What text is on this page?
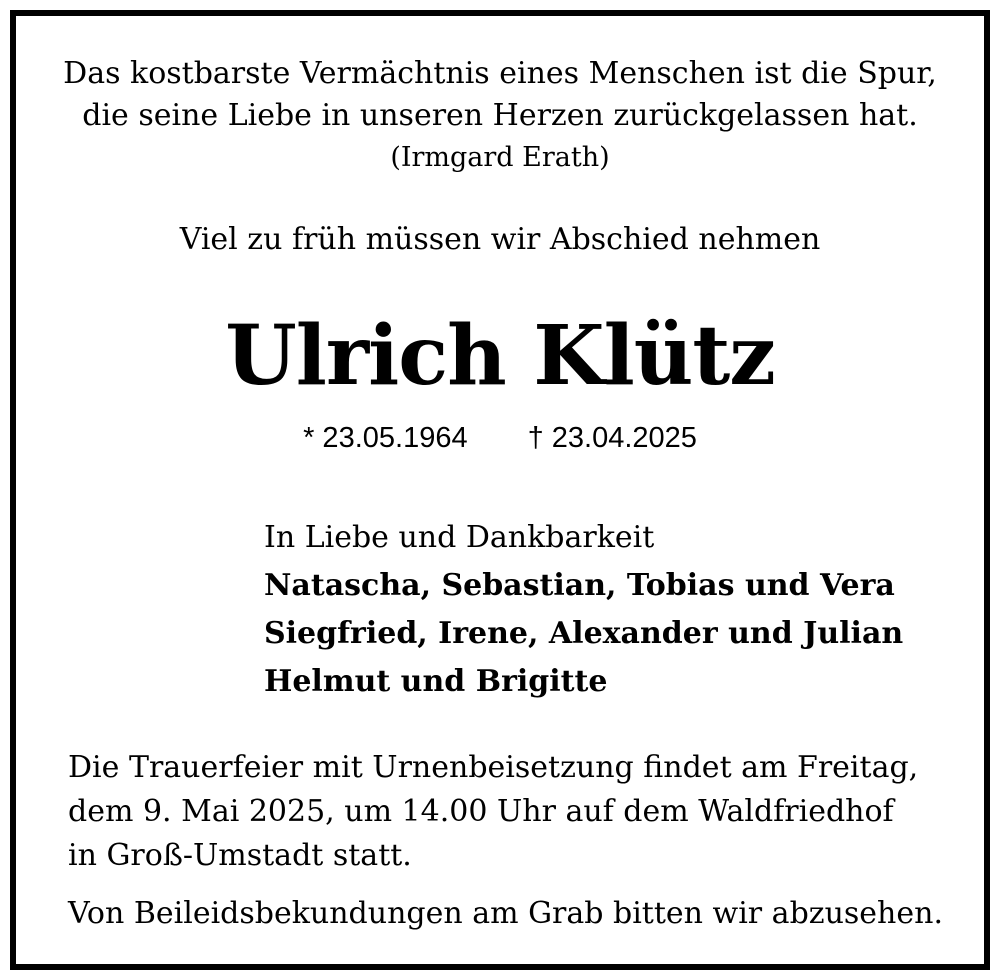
Das kostbarste Vermächtnis eines Menschen ist die Spur,
die seine Liebe in unseren Herzen zurückgelassen hat.
(Irmgard Erath)
Viel zu früh müssen wir Abschied nehmen
Ulrich Klütz
* 23.05.1964 † 23.04.2025
In Liebe und Dankbarkeit
Natascha, Sebastian, Tobias und Vera
Siegfried, Irene, Alexander und Julian
Helmut und Brigitte
Die Trauerfeier mit Urnenbeisetzung findet am Freitag,
dem 9. Mai 2025, um 14.00 Uhr auf dem Waldfriedhof
in Groß-Umstadt statt.
Von Beileidsbekundungen am Grab bitten wir abzusehen.
